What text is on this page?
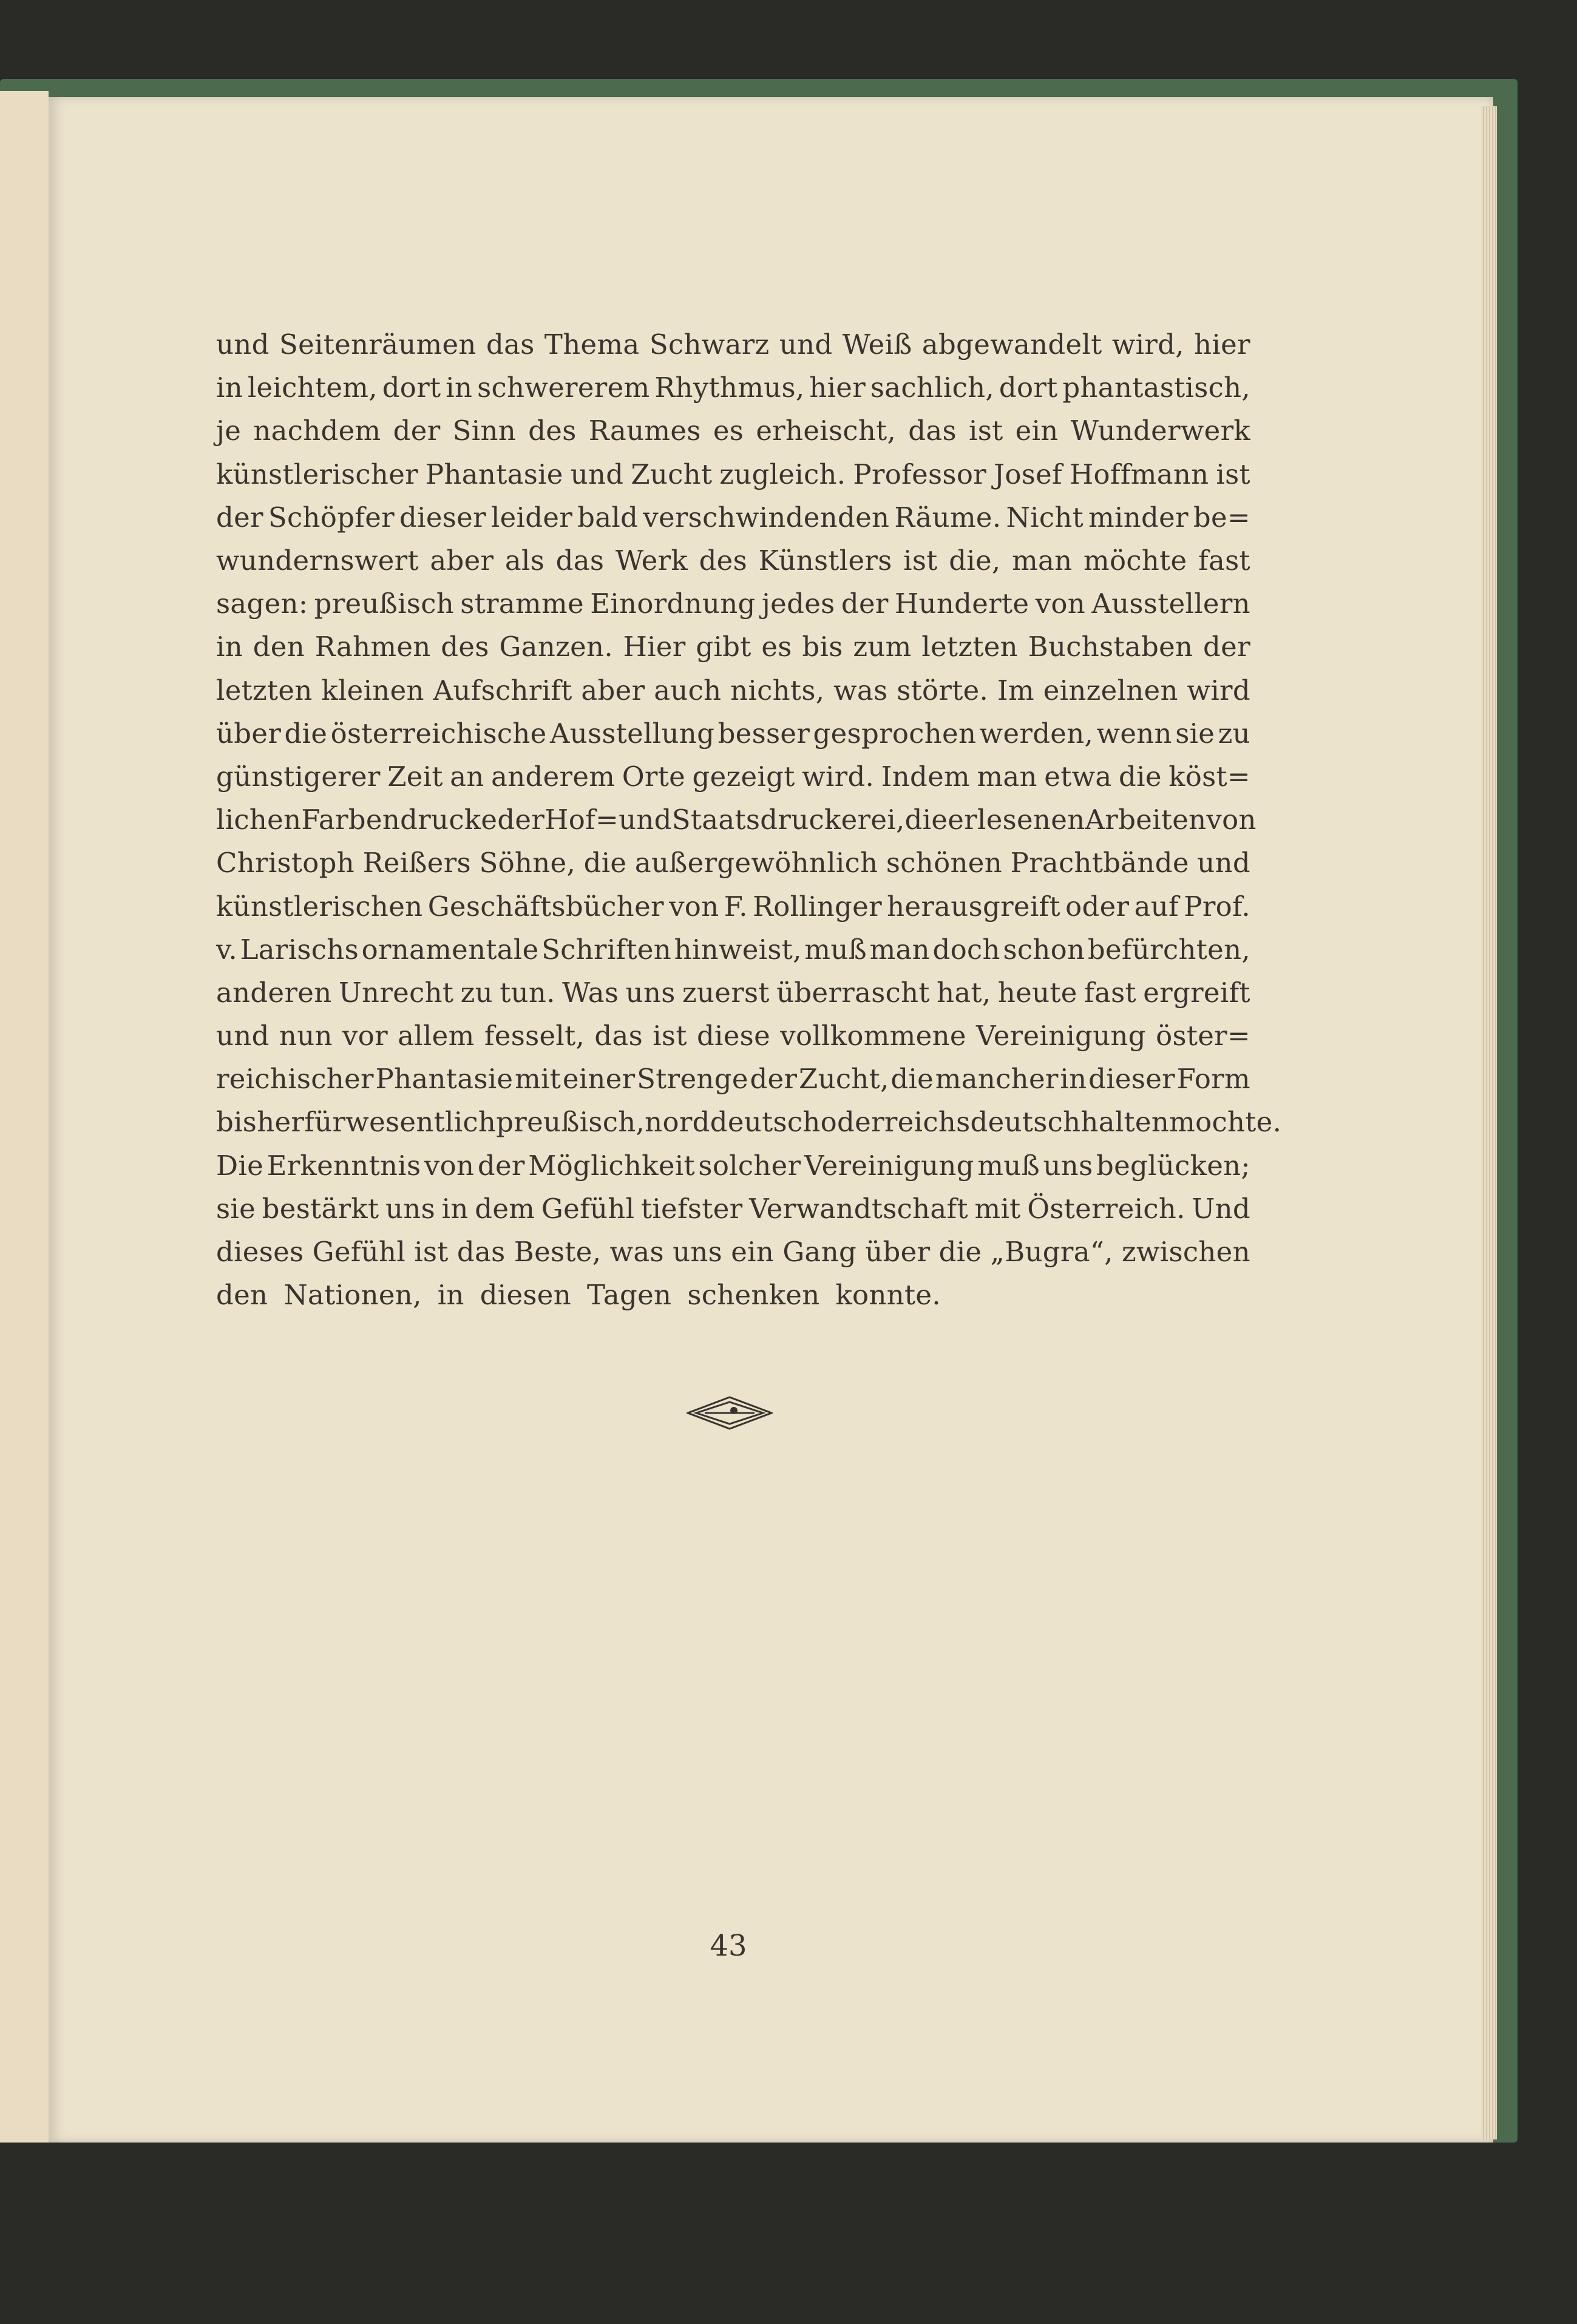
und Seitenräumen das Thema Schwarz und Weiß abgewandelt wird, hier
in leichtem, dort in schwererem Rhythmus, hier sachlich, dort phantastisch,
je nachdem der Sinn des Raumes es erheischt, das ist ein Wunderwerk
künstlerischer Phantasie und Zucht zugleich. Professor Josef Hoffmann ist
der Schöpfer dieser leider bald verschwindenden Räume. Nicht minder be=
wundernswert aber als das Werk des Künstlers ist die, man möchte fast
sagen: preußisch stramme Einordnung jedes der Hunderte von Ausstellern
in den Rahmen des Ganzen. Hier gibt es bis zum letzten Buchstaben der
letzten kleinen Aufschrift aber auch nichts, was störte. Im einzelnen wird
über die österreichische Ausstellung besser gesprochen werden, wenn sie zu
günstigerer Zeit an anderem Orte gezeigt wird. Indem man etwa die köst=
lichen Farbendrucke der Hof= und Staatsdruckerei, die erlesenen Arbeiten von
Christoph Reißers Söhne, die außergewöhnlich schönen Prachtbände und
künstlerischen Geschäftsbücher von F. Rollinger herausgreift oder auf Prof.
v. Larischs ornamentale Schriften hinweist, muß man doch schon befürchten,
anderen Unrecht zu tun. Was uns zuerst überrascht hat, heute fast ergreift
und nun vor allem fesselt, das ist diese vollkommene Vereinigung öster=
reichischer Phantasie mit einer Strenge der Zucht, die mancher in dieser Form
bisher für wesentlich preußisch, norddeutsch oder reichsdeutsch halten mochte.
Die Erkenntnis von der Möglichkeit solcher Vereinigung muß uns beglücken;
sie bestärkt uns in dem Gefühl tiefster Verwandtschaft mit Österreich. Und
dieses Gefühl ist das Beste, was uns ein Gang über die „Bugra“, zwischen
den Nationen, in diesen Tagen schenken konnte.
43
